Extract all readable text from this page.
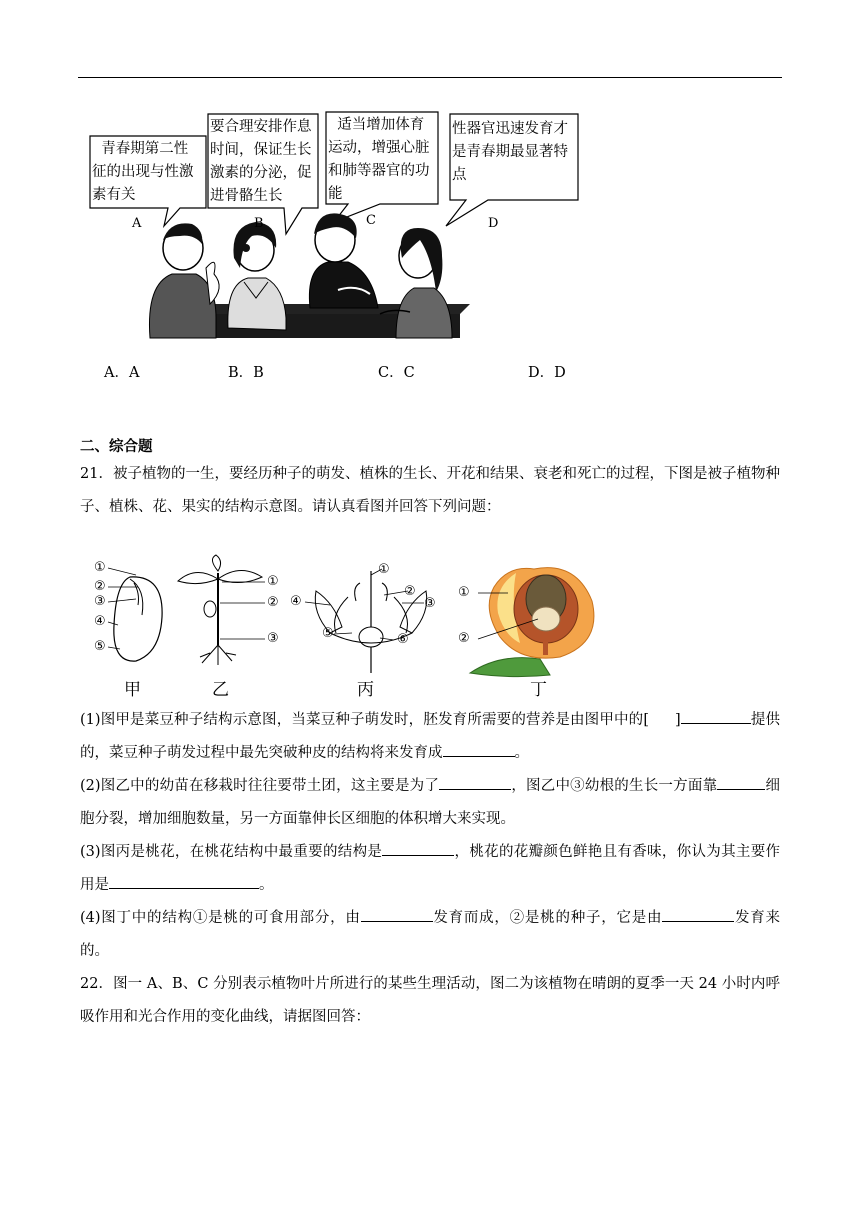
青春期第二性
征的出现与性激
素有关
要合理安排作息
时间，保证生长
激素的分泌，促
进骨骼生长
适当增加体育
运动，增强心脏
和肺等器官的功
能
性器官迅速发育才
是青春期最显著特
点
A	B	C	D
A．A	B．B	C．C	D．D
二、综合题
21．被子植物的一生，要经历种子的萌发、植株的生长、开花和结果、衰老和死亡的过程，下图是被子植物种子、植株、花、果实的结构示意图。请认真看图并回答下列问题：
①
②
③
④
⑤
①
②
③
①
②
③
④
⑤	⑥
①
②
甲	乙	丙	丁
(1)图甲是菜豆种子结构示意图，当菜豆种子萌发时，胚发育所需要的营养是由图甲中的[ ]	提供的，菜豆种子萌发过程中最先突破种皮的结构将来发育成	。
(2)图乙中的幼苗在移栽时往往要带土团，这主要是为了	，图乙中③幼根的生长一方面靠	细胞分裂，增加细胞数量，另一方面靠伸长区细胞的体积增大来实现。
(3)图丙是桃花，在桃花结构中最重要的结构是	，桃花的花瓣颜色鲜艳且有香味，你认为其主要作用是	。
(4)图丁中的结构①是桃的可食用部分，由	发育而成，②是桃的种子，它是由	发育来的。
22．图一 A、B、C 分别表示植物叶片所进行的某些生理活动，图二为该植物在晴朗的夏季一天 24 小时内呼吸作用和光合作用的变化曲线，请据图回答：
